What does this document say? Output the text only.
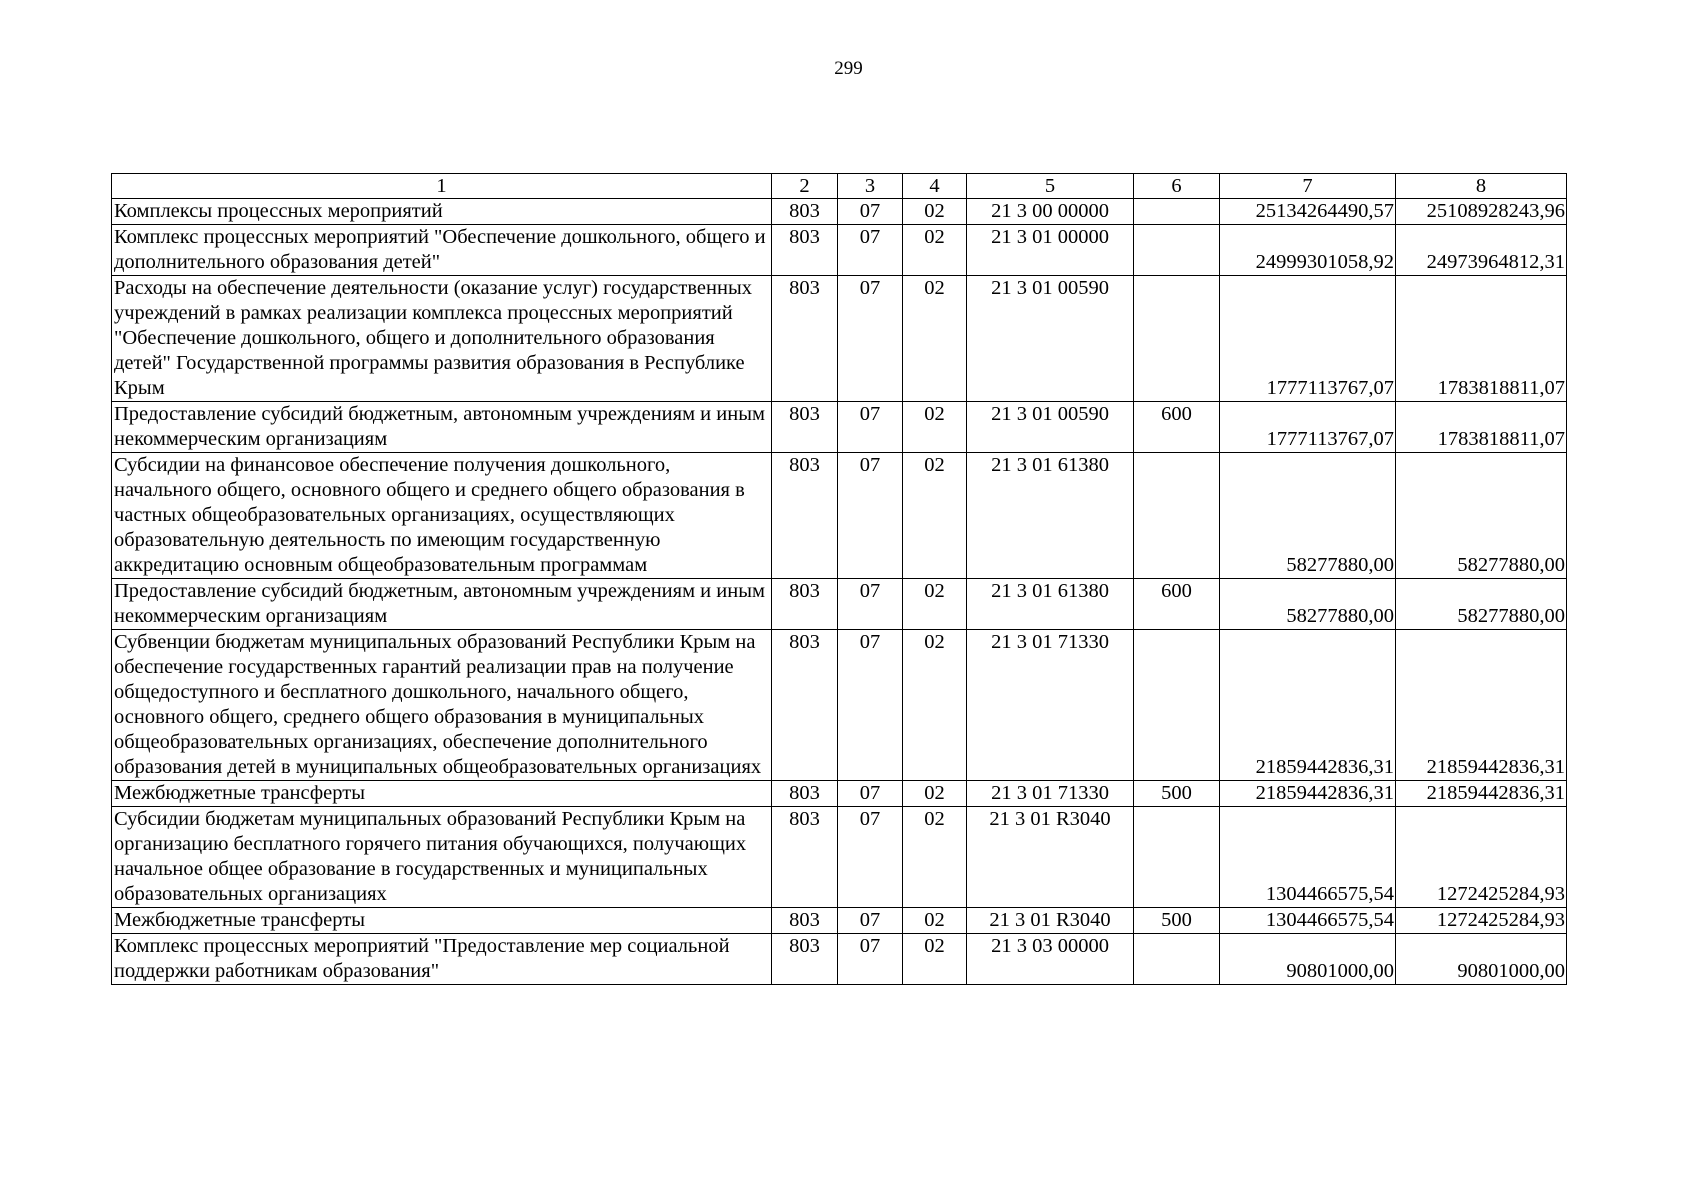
299
1	2	3	4	5	6	7	8
Комплексы процессных мероприятий	803	07	02	21 3 00 00000		25134264490,57	25108928243,96
Комплекс процессных мероприятий "Обеспечение дошкольного, общего и дополнительного образования детей"	803	07	02	21 3 01 00000		24999301058,92	24973964812,31
Расходы на обеспечение деятельности (оказание услуг) государственных учреждений в рамках реализации комплекса процессных мероприятий "Обеспечение дошкольного, общего и дополнительного образования детей" Государственной программы развития образования в Республике Крым	803	07	02	21 3 01 00590		1777113767,07	1783818811,07
Предоставление субсидий бюджетным, автономным учреждениям и иным некоммерческим организациям	803	07	02	21 3 01 00590	600	1777113767,07	1783818811,07
Субсидии на финансовое обеспечение получения дошкольного, начального общего, основного общего и среднего общего образования в частных общеобразовательных организациях, осуществляющих образовательную деятельность по имеющим государственную аккредитацию основным общеобразовательным программам	803	07	02	21 3 01 61380		58277880,00	58277880,00
Предоставление субсидий бюджетным, автономным учреждениям и иным некоммерческим организациям	803	07	02	21 3 01 61380	600	58277880,00	58277880,00
Субвенции бюджетам муниципальных образований Республики Крым на обеспечение государственных гарантий реализации прав на получение общедоступного и бесплатного дошкольного, начального общего, основного общего, среднего общего образования в муниципальных общеобразовательных организациях, обеспечение дополнительного образования детей в муниципальных общеобразовательных организациях	803	07	02	21 3 01 71330		21859442836,31	21859442836,31
Межбюджетные трансферты	803	07	02	21 3 01 71330	500	21859442836,31	21859442836,31
Субсидии бюджетам муниципальных образований Республики Крым на организацию бесплатного горячего питания обучающихся, получающих начальное общее образование в государственных и муниципальных образовательных организациях	803	07	02	21 3 01 R3040		1304466575,54	1272425284,93
Межбюджетные трансферты	803	07	02	21 3 01 R3040	500	1304466575,54	1272425284,93
Комплекс процессных мероприятий "Предоставление мер социальной поддержки работникам образования"	803	07	02	21 3 03 00000		90801000,00	90801000,00
